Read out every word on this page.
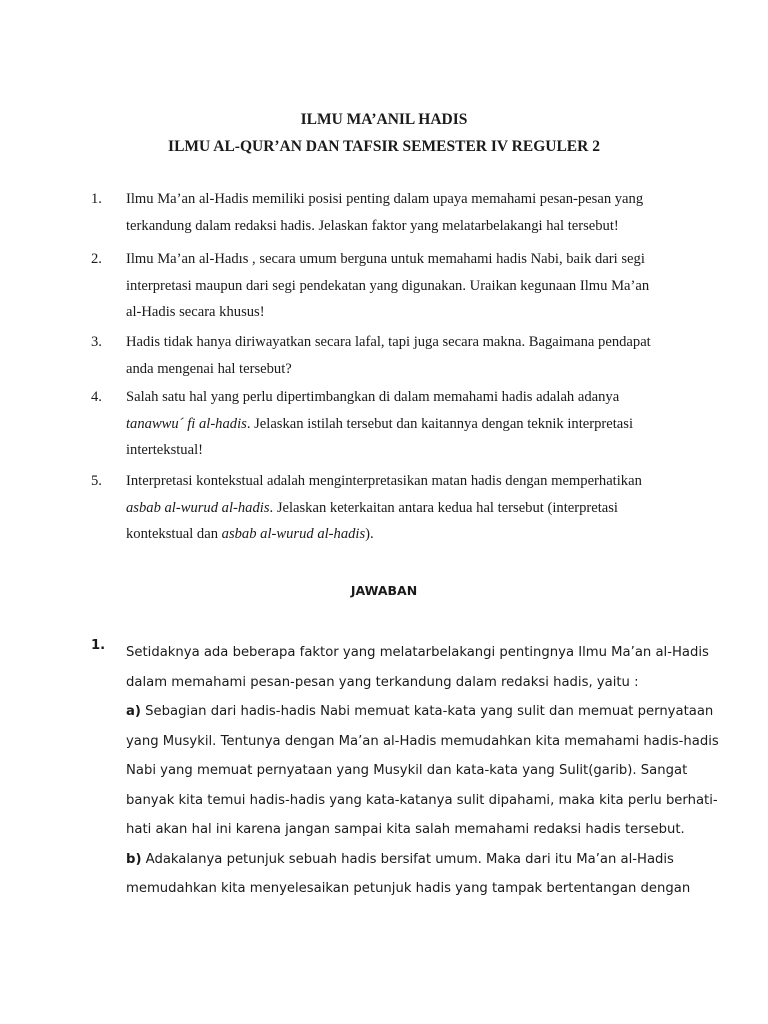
ILMU MA’ANIL HADIS
ILMU AL-QUR’AN DAN TAFSIR SEMESTER IV REGULER 2
1. Ilmu Ma’an al-Hadis memiliki posisi penting dalam upaya memahami pesan-pesan yang

terkandung dalam redaksi hadis. Jelaskan faktor yang melatarbelakangi hal tersebut!

2. Ilmu Ma’an al-Hadıs , secara umum berguna untuk memahami hadis Nabi, baik dari segi

interpretasi maupun dari segi pendekatan yang digunakan. Uraikan kegunaan Ilmu Ma’an

al-Hadis secara khusus!

3. Hadis tidak hanya diriwayatkan secara lafal, tapi juga secara makna. Bagaimana pendapat

anda mengenai hal tersebut?

4. Salah satu hal yang perlu dipertimbangkan di dalam memahami hadis adalah adanya

tanawwu´ fi al-hadis. Jelaskan istilah tersebut dan kaitannya dengan teknik interpretasi

intertekstual!

5. Interpretasi kontekstual adalah menginterpretasikan matan hadis dengan memperhatikan

asbab al-wurud al-hadis. Jelaskan keterkaitan antara kedua hal tersebut (interpretasi

kontekstual dan asbab al-wurud al-hadis).

JAWABAN
1. Setidaknya ada beberapa faktor yang melatarbelakangi pentingnya Ilmu Ma’an al-Hadis
dalam memahami pesan-pesan yang terkandung dalam redaksi hadis, yaitu :
a) Sebagian dari hadis-hadis Nabi memuat kata-kata yang sulit dan memuat pernyataan
yang Musykil. Tentunya dengan Ma’an al-Hadis memudahkan kita memahami hadis-hadis
Nabi yang memuat pernyataan yang Musykil dan kata-kata yang Sulit(garib). Sangat
banyak kita temui hadis-hadis yang kata-katanya sulit dipahami, maka kita perlu berhati-
hati akan hal ini karena jangan sampai kita salah memahami redaksi hadis tersebut.
b) Adakalanya petunjuk sebuah hadis bersifat umum. Maka dari itu Ma’an al-Hadis
memudahkan kita menyelesaikan petunjuk hadis yang tampak bertentangan dengan
